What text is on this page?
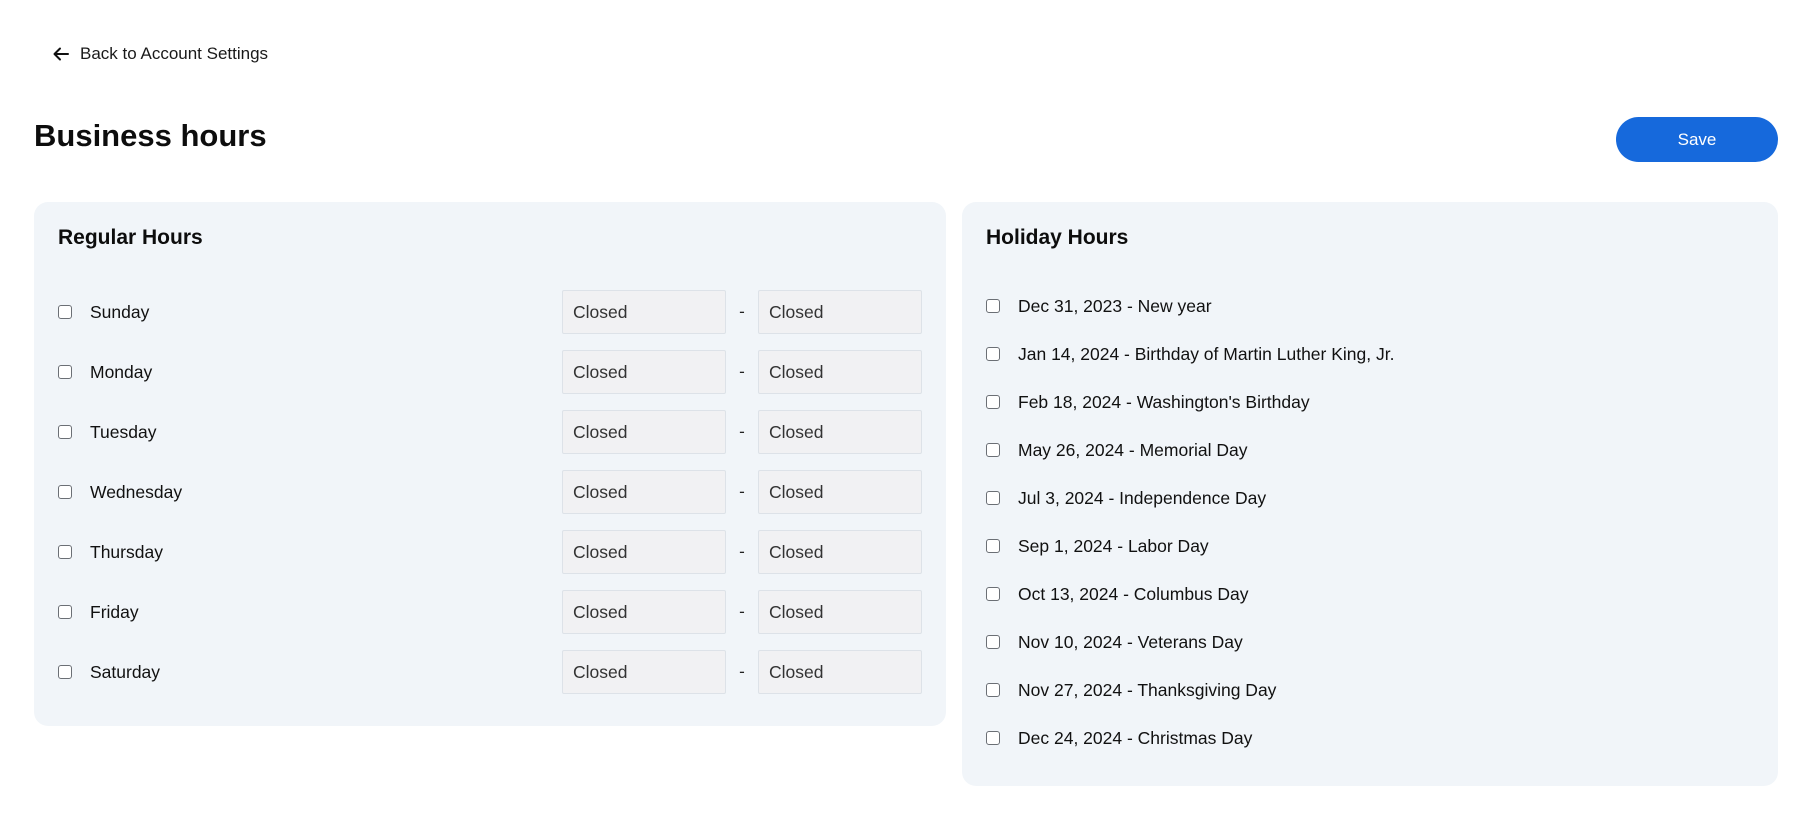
Back to Account Settings
Business hours	Save
Regular Hours
Sunday	Closed	-	Closed
Monday	Closed	-	Closed
Tuesday	Closed	-	Closed
Wednesday	Closed	-	Closed
Thursday	Closed	-	Closed
Friday	Closed	-	Closed
Saturday	Closed	-	Closed
Holiday Hours
Dec 31, 2023 - New year
Jan 14, 2024 - Birthday of Martin Luther King, Jr.
Feb 18, 2024 - Washington's Birthday
May 26, 2024 - Memorial Day
Jul 3, 2024 - Independence Day
Sep 1, 2024 - Labor Day
Oct 13, 2024 - Columbus Day
Nov 10, 2024 - Veterans Day
Nov 27, 2024 - Thanksgiving Day
Dec 24, 2024 - Christmas Day
